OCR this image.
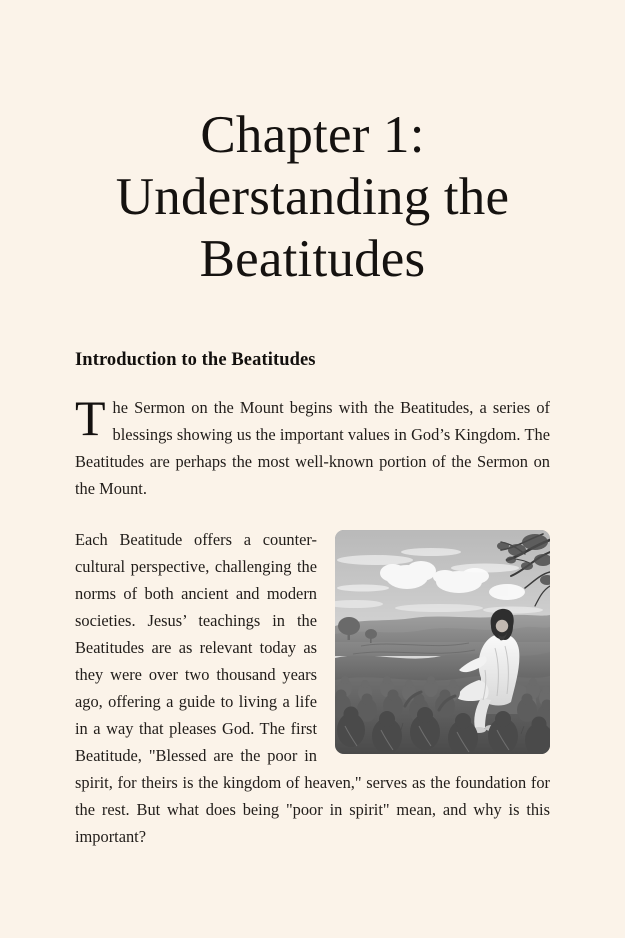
Chapter 1:
Understanding the
Beatitudes
Introduction to the Beatitudes

The Sermon on the Mount begins with the Beatitudes, a series of blessings showing us the important values in God’s Kingdom. The Beatitudes are perhaps the most well-known portion of the Sermon on the Mount.

Each Beatitude offers a counter-cultural perspective, challenging the norms of both ancient and modern societies. Jesus’ teachings in the Beatitudes are as relevant today as they were over two thousand years ago, offering a guide to living a life in a way that pleases God. The first Beatitude, "Blessed are the poor in spirit, for theirs is the kingdom of heaven," serves as the foundation for the rest. But what does being "poor in spirit" mean, and why is this important?
